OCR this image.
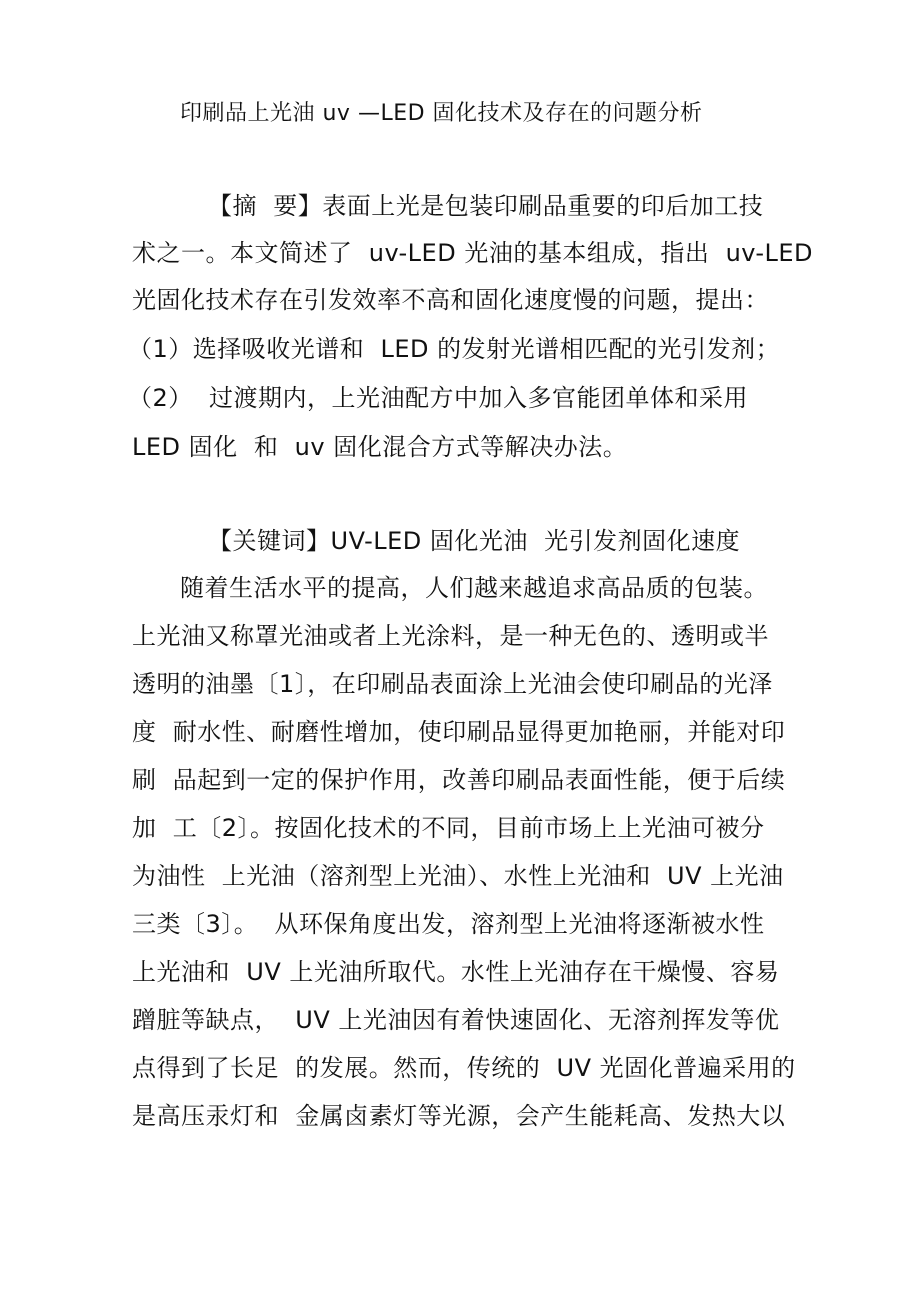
印刷品上光油 uv —LED 固化技术及存在的问题分析
【摘  要】表面上光是包装印刷品重要的印后加工技
术之一。本文简述了  uv-LED 光油的基本组成，指出  uv-LED
光固化技术存在引发效率不高和固化速度慢的问题，提出：
（1）选择吸收光谱和  LED 的发射光谱相匹配的光引发剂；
（2）  过渡期内，上光油配方中加入多官能团单体和采用
LED 固化  和  uv 固化混合方式等解决办法。
【关键词】UV-LED 固化光油  光引发剂固化速度
随着生活水平的提高，人们越来越追求高品质的包装。
上光油又称罩光油或者上光涂料，是一种无色的、透明或半
透明的油墨〔1〕，在印刷品表面涂上光油会使印刷品的光泽
度  耐水性、耐磨性增加，使印刷品显得更加艳丽，并能对印
刷  品起到一定的保护作用，改善印刷品表面性能，便于后续
加  工〔2〕。按固化技术的不同，目前市场上上光油可被分
为油性  上光油（溶剂型上光油）、水性上光油和  UV 上光油
三类〔3〕。  从环保角度出发，溶剂型上光油将逐渐被水性
上光油和  UV 上光油所取代。水性上光油存在干燥慢、容易
蹭脏等缺点，  UV 上光油因有着快速固化、无溶剂挥发等优
点得到了长足  的发展。然而，传统的  UV 光固化普遍采用的
是高压汞灯和  金属卤素灯等光源，会产生能耗高、发热大以
